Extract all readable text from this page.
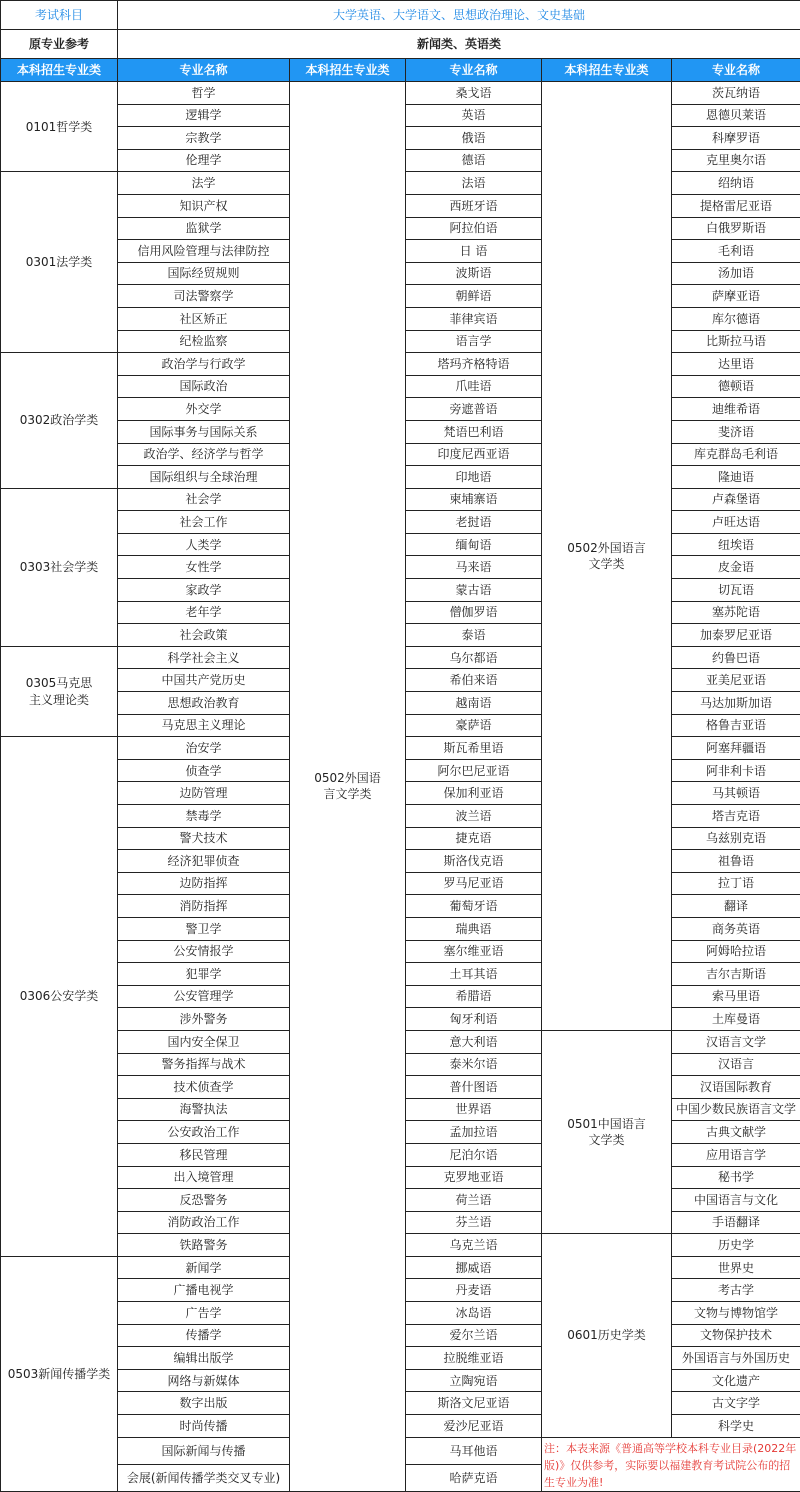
考试科目	大学英语、大学语文、思想政治理论、文史基础				
原专业参考	新闻类、英语类				
本科招生专业类	专业名称	本科招生专业类	专业名称	本科招生专业类	专业名称
0101哲学类	哲学	0502外国语言文学类	桑戈语	0502外国语言文学类	茨瓦纳语
	逻辑学		英语		恩德贝莱语
	宗教学		俄语		科摩罗语
	伦理学		德语		克里奥尔语
0301法学类	法学		法语		绍纳语
	知识产权		西班牙语		提格雷尼亚语
	监狱学		阿拉伯语		白俄罗斯语
	信用风险管理与法律防控		日 语		毛利语
	国际经贸规则		波斯语		汤加语
	司法警察学		朝鲜语		萨摩亚语
	社区矫正		菲律宾语		库尔德语
	纪检监察		语言学		比斯拉马语
0302政治学类	政治学与行政学		塔玛齐格特语		达里语
	国际政治		爪哇语		德顿语
	外交学		旁遮普语		迪维希语
	国际事务与国际关系		梵语巴利语		斐济语
	政治学、经济学与哲学		印度尼西亚语		库克群岛毛利语
	国际组织与全球治理		印地语		隆迪语
0303社会学类	社会学		柬埔寨语		卢森堡语
	社会工作		老挝语		卢旺达语
	人类学		缅甸语		纽埃语
	女性学		马来语		皮金语
	家政学		蒙古语		切瓦语
	老年学		僧伽罗语		塞苏陀语
	社会政策		泰语		加泰罗尼亚语
0305马克思主义理论类	科学社会主义		乌尔都语		约鲁巴语
	中国共产党历史		希伯来语		亚美尼亚语
	思想政治教育		越南语		马达加斯加语
	马克思主义理论		豪萨语		格鲁吉亚语
0306公安学类	治安学		斯瓦希里语		阿塞拜疆语
	侦查学		阿尔巴尼亚语		阿非利卡语
	边防管理		保加利亚语		马其顿语
	禁毒学		波兰语		塔吉克语
	警犬技术		捷克语		乌兹别克语
	经济犯罪侦查		斯洛伐克语		祖鲁语
	边防指挥		罗马尼亚语		拉丁语
	消防指挥		葡萄牙语		翻译
	警卫学		瑞典语		商务英语
	公安情报学		塞尔维亚语		阿姆哈拉语
	犯罪学		土耳其语		吉尔吉斯语
	公安管理学		希腊语		索马里语
	涉外警务		匈牙利语		土库曼语
	国内安全保卫		意大利语	0501中国语言文学类	汉语言文学
	警务指挥与战术		泰米尔语		汉语言
	技术侦查学		普什图语		汉语国际教育
	海警执法		世界语		中国少数民族语言文学
	公安政治工作		孟加拉语		古典文献学
	移民管理		尼泊尔语		应用语言学
	出入境管理		克罗地亚语		秘书学
	反恐警务		荷兰语		中国语言与文化
	消防政治工作		芬兰语		手语翻译
	铁路警务		乌克兰语	0601历史学类	历史学
0503新闻传播学类	新闻学		挪威语		世界史
	广播电视学		丹麦语		考古学
	广告学		冰岛语		文物与博物馆学
	传播学		爱尔兰语		文物保护技术
	编辑出版学		拉脱维亚语		外国语言与外国历史
	网络与新媒体		立陶宛语		文化遗产
	数字出版		斯洛文尼亚语		古文字学
	时尚传播		爱沙尼亚语		科学史
	国际新闻与传播		马耳他语	注：本表来源《普通高等学校本科专业目录(2022年版)》仅供参考，实际要以福建教育考试院公布的招生专业为准!	
	会展(新闻传播学类交叉专业)		哈萨克语		
